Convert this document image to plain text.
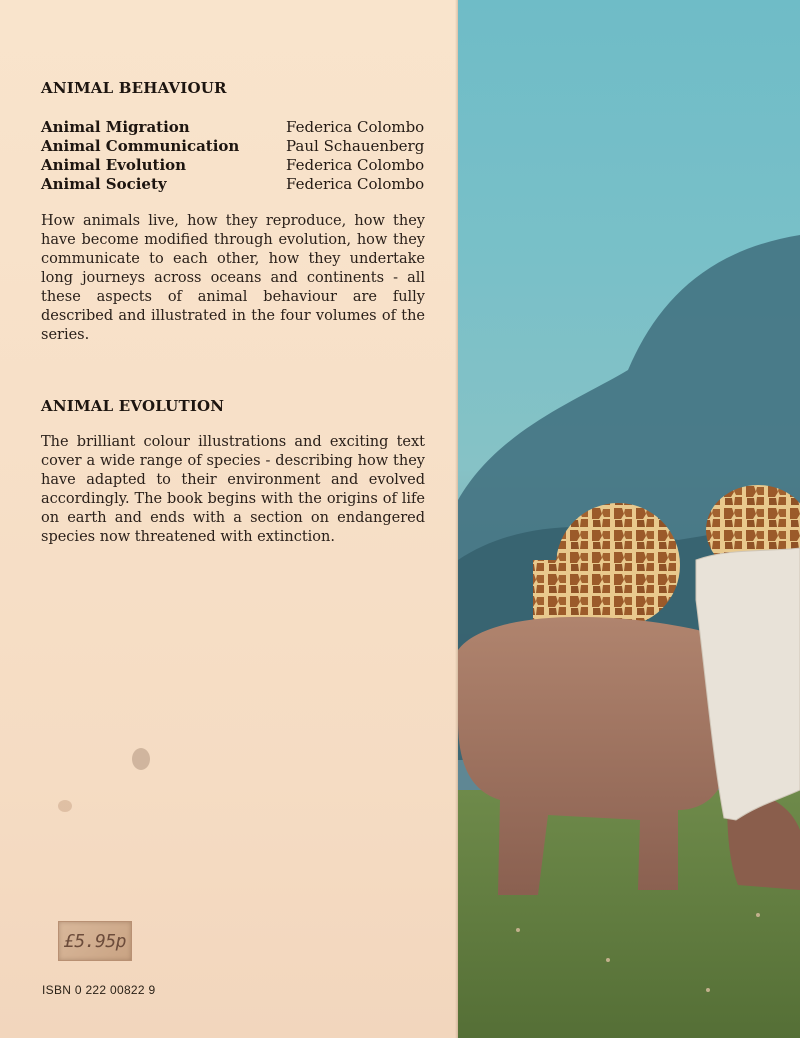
ANIMAL BEHAVIOUR
Animal Migration	Federica Colombo
Animal Communication	Paul Schauenberg
Animal Evolution	Federica Colombo
Animal Society	Federica Colombo

How animals live, how they reproduce, how they have become modified through evolution, how they communicate to each other, how they undertake long journeys across oceans and continents - all these aspects of animal behaviour are fully described and illustrated in the four volumes of the series.

ANIMAL EVOLUTION

The brilliant colour illustrations and exciting text cover a wide range of species - describing how they have adapted to their environment and evolved accordingly. The book begins with the origins of life on earth and ends with a section on endangered species now threatened with extinction.

£5.95p
ISBN 0 222 00822 9
